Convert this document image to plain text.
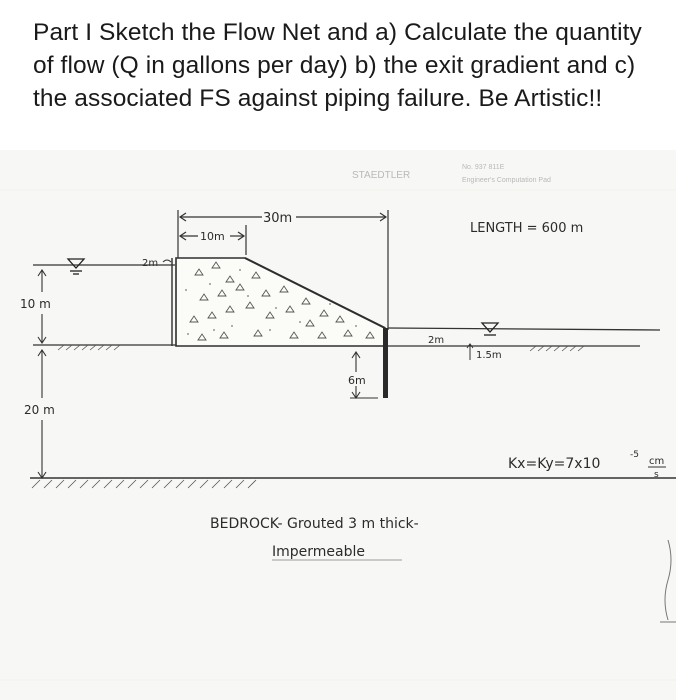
Part I Sketch the Flow Net and a) Calculate the quantity of flow (Q in gallons per day) b) the exit gradient and c) the associated FS against piping failure. Be Artistic!!

STAEDTLER
No. 937 811E
Engineer's Computation Pad
30m
10m
2m
10 m
20 m
6m
2m
1.5m
LENGTH = 600 m
Kx=Ky=7x10
-5
cm
s
BEDROCK- Grouted 3 m thick-
Impermeable
